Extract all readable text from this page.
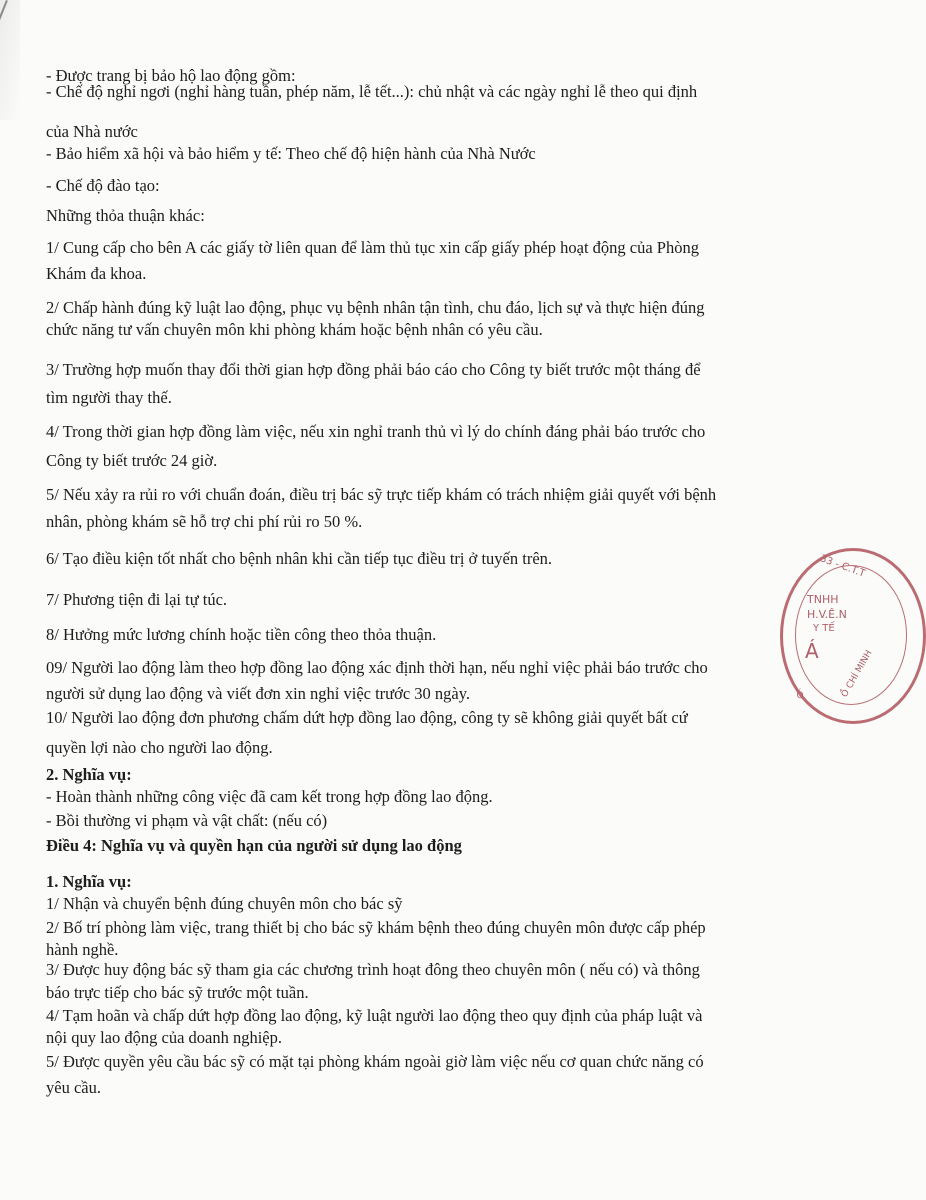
- Được trang bị bảo hộ lao động gồm:
- Chế độ nghỉ ngơi (nghỉ hàng tuần, phép năm, lễ tết...): chủ nhật và các ngày nghỉ lễ theo qui định
của Nhà nước
- Bảo hiểm xã hội và bảo hiểm y tế: Theo chế độ hiện hành của Nhà Nước
- Chế độ đào tạo:
Những thỏa thuận khác:
1/ Cung cấp cho bên A các giấy tờ liên quan để làm thủ tục xin cấp giấy phép hoạt động của Phòng
Khám đa khoa.
2/ Chấp hành đúng kỹ luật lao động, phục vụ bệnh nhân tận tình, chu đáo, lịch sự và thực hiện đúng
chức năng tư vấn chuyên môn khi phòng khám hoặc bệnh nhân có yêu cầu.
3/ Trường hợp muốn thay đổi thời gian hợp đồng phải báo cáo cho Công ty biết trước một tháng để
tìm người thay thế.
4/ Trong thời gian hợp đồng làm việc, nếu xin nghỉ tranh thủ vì lý do chính đáng phải báo trước cho
Công ty biết trước 24 giờ.
5/ Nếu xảy ra rủi ro với chuẩn đoán, điều trị bác sỹ trực tiếp khám có trách nhiệm giải quyết với bệnh
nhân, phòng khám sẽ hỗ trợ chi phí rủi ro 50 %.
6/ Tạo điều kiện tốt nhất cho bệnh nhân khi cần tiếp tục điều trị ở tuyến trên.
7/ Phương tiện đi lại tự túc.
8/ Hưởng mức lương chính hoặc tiền công theo thỏa thuận.
09/ Người lao động làm theo hợp đồng lao động xác định thời hạn, nếu nghỉ việc phải báo trước cho
người sử dụng lao động và viết đơn xin nghỉ việc trước 30 ngày.
10/ Người lao động đơn phương chấm dứt hợp đồng lao động, công ty sẽ không giải quyết bất cứ
quyền lợi nào cho người lao động.
2. Nghĩa vụ:
- Hoàn thành những công việc đã cam kết trong hợp đồng lao động.
- Bồi thường vi phạm và vật chất: (nếu có)
Điều 4: Nghĩa vụ và quyền hạn của người sử dụng lao động
1. Nghĩa vụ:
1/ Nhận và chuyển bệnh đúng chuyên môn cho bác sỹ
2/ Bố trí phòng làm việc, trang thiết bị cho bác sỹ khám bệnh theo đúng chuyên môn được cấp phép
hành nghề.
3/ Được huy động bác sỹ tham gia các chương trình hoạt đông theo chuyên môn ( nếu có) và thông
báo trực tiếp cho bác sỹ trước một tuần.
4/ Tạm hoãn và chấp dứt hợp đồng lao động, kỹ luật người lao động theo quy định của pháp luật và
nội quy lao động của doanh nghiệp.
5/ Được quyền yêu cầu bác sỹ có mặt tại phòng khám ngoài giờ làm việc nếu cơ quan chức năng có
yêu cầu.
33 - C.T.T
TNHH
H.V.Ê.N
Y TẾ
Á Ồ CHÍ MINH
Ố
